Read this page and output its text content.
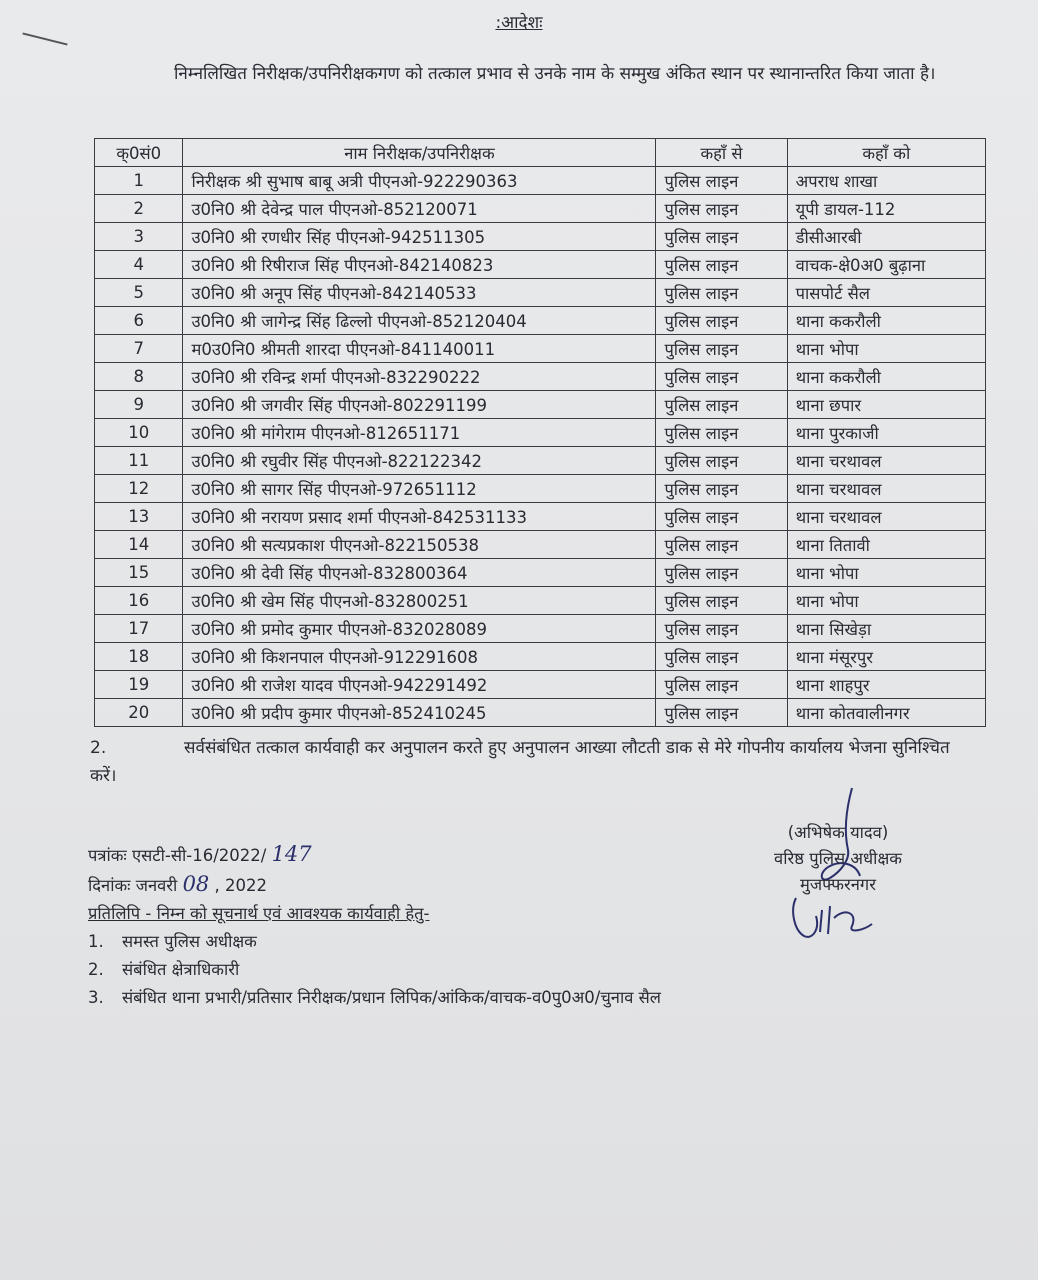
:आदेशः
निम्नलिखित निरीक्षक/उपनिरीक्षकगण को तत्काल प्रभाव से उनके नाम के सम्मुख अंकित स्थान पर स्थानान्तरित किया जाता है।
क्0सं0	नाम निरीक्षक/उपनिरीक्षक	कहाँ से	कहाँ को
1	निरीक्षक श्री सुभाष बाबू अत्री पीएनओ-922290363	पुलिस लाइन	अपराध शाखा
2	उ0नि0 श्री देवेन्द्र पाल पीएनओ-852120071	पुलिस लाइन	यूपी डायल-112
3	उ0नि0 श्री रणधीर सिंह पीएनओ-942511305	पुलिस लाइन	डीसीआरबी
4	उ0नि0 श्री रिषीराज सिंह पीएनओ-842140823	पुलिस लाइन	वाचक-क्षे0अ0 बुढ़ाना
5	उ0नि0 श्री अनूप सिंह पीएनओ-842140533	पुलिस लाइन	पासपोर्ट सैल
6	उ0नि0 श्री जागेन्द्र सिंह ढिल्लो पीएनओ-852120404	पुलिस लाइन	थाना ककरौली
7	म0उ0नि0 श्रीमती शारदा पीएनओ-841140011	पुलिस लाइन	थाना भोपा
8	उ0नि0 श्री रविन्द्र शर्मा पीएनओ-832290222	पुलिस लाइन	थाना ककरौली
9	उ0नि0 श्री जगवीर सिंह पीएनओ-802291199	पुलिस लाइन	थाना छपार
10	उ0नि0 श्री मांगेराम पीएनओ-812651171	पुलिस लाइन	थाना पुरकाजी
11	उ0नि0 श्री रघुवीर सिंह पीएनओ-822122342	पुलिस लाइन	थाना चरथावल
12	उ0नि0 श्री सागर सिंह पीएनओ-972651112	पुलिस लाइन	थाना चरथावल
13	उ0नि0 श्री नरायण प्रसाद शर्मा पीएनओ-842531133	पुलिस लाइन	थाना चरथावल
14	उ0नि0 श्री सत्यप्रकाश पीएनओ-822150538	पुलिस लाइन	थाना तितावी
15	उ0नि0 श्री देवी सिंह पीएनओ-832800364	पुलिस लाइन	थाना भोपा
16	उ0नि0 श्री खेम सिंह पीएनओ-832800251	पुलिस लाइन	थाना भोपा
17	उ0नि0 श्री प्रमोद कुमार पीएनओ-832028089	पुलिस लाइन	थाना सिखेड़ा
18	उ0नि0 श्री किशनपाल पीएनओ-912291608	पुलिस लाइन	थाना मंसूरपुर
19	उ0नि0 श्री राजेश यादव पीएनओ-942291492	पुलिस लाइन	थाना शाहपुर
20	उ0नि0 श्री प्रदीप कुमार पीएनओ-852410245	पुलिस लाइन	थाना कोतवालीनगर
2.	सर्वसंबंधित तत्काल कार्यवाही कर अनुपालन करते हुए अनुपालन आख्या लौटती डाक से मेरे गोपनीय कार्यालय भेजना सुनिश्चित करें।
(अभिषेक यादव)
वरिष्ठ पुलिस अधीक्षक
मुजफ्फरनगर
पत्रांकः एसटी-सी-16/2022/ 147
दिनांकः जनवरी 08 , 2022
प्रतिलिपि - निम्न को सूचनार्थ एवं आवश्यक कार्यवाही हेतु-
1.	समस्त पुलिस अधीक्षक
2.	संबंधित क्षेत्राधिकारी
3.	संबंधित थाना प्रभारी/प्रतिसार निरीक्षक/प्रधान लिपिक/आंकिक/वाचक-व0पु0अ0/चुनाव सैल
